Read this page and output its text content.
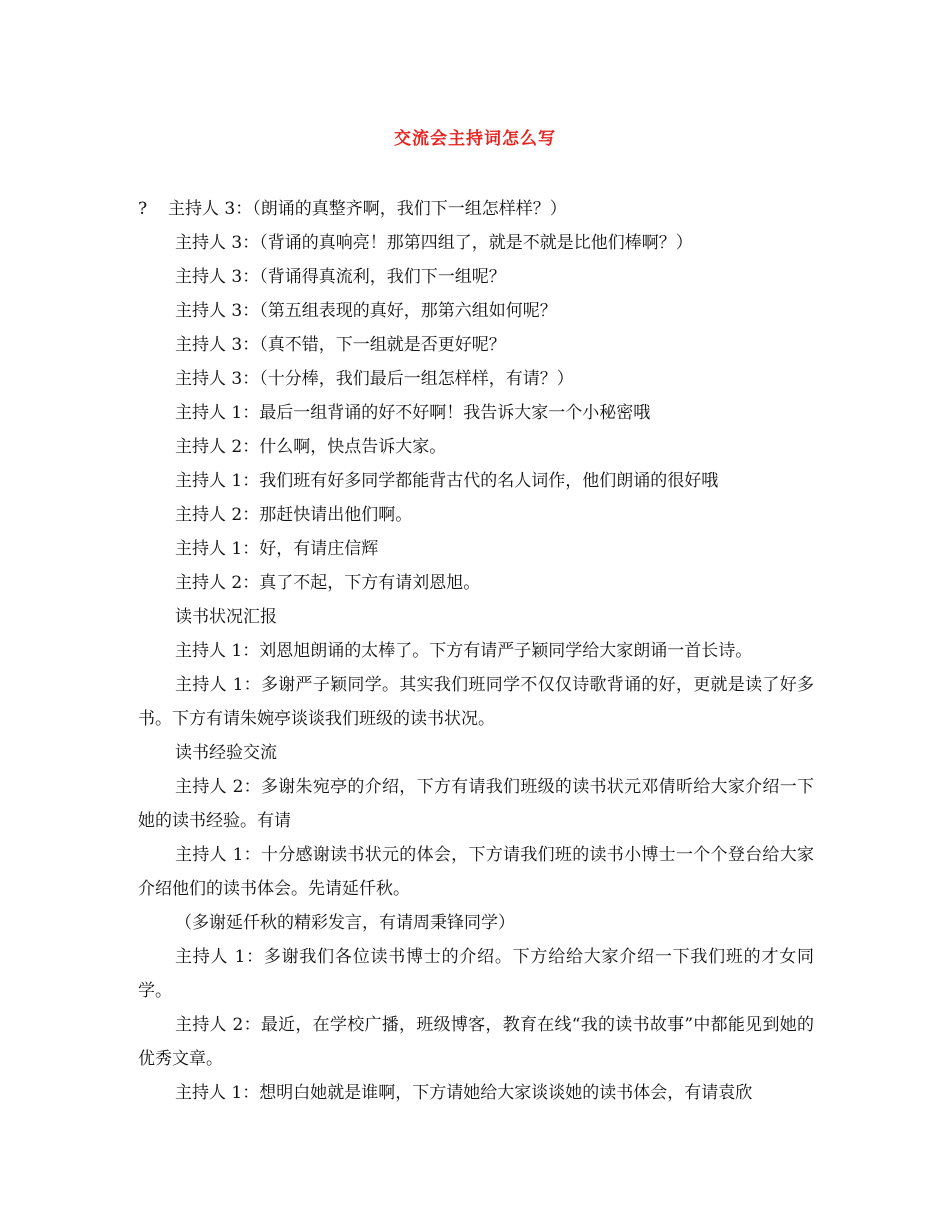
交流会主持词怎么写

? 主持人 3：（朗诵的真整齐啊，我们下一组怎样样？）

主持人 3：（背诵的真响亮！那第四组了，就是不就是比他们棒啊？）

主持人 3：（背诵得真流利，我们下一组呢？

主持人 3：（第五组表现的真好，那第六组如何呢？

主持人 3：（真不错，下一组就是否更好呢？

主持人 3：（十分棒，我们最后一组怎样样，有请？）

主持人 1：最后一组背诵的好不好啊！我告诉大家一个小秘密哦

主持人 2：什么啊，快点告诉大家。

主持人 1：我们班有好多同学都能背古代的名人词作，他们朗诵的很好哦

主持人 2：那赶快请出他们啊。

主持人 1：好，有请庄信辉

主持人 2：真了不起，下方有请刘恩旭。

读书状况汇报

主持人 1：刘恩旭朗诵的太棒了。下方有请严子颖同学给大家朗诵一首长诗。

主持人 1：多谢严子颖同学。其实我们班同学不仅仅诗歌背诵的好，更就是读了好多书。下方有请朱婉亭谈谈我们班级的读书状况。

读书经验交流

主持人 2：多谢朱宛亭的介绍，下方有请我们班级的读书状元邓倩昕给大家介绍一下她的读书经验。有请

主持人 1：十分感谢读书状元的体会，下方请我们班的读书小博士一个个登台给大家介绍他们的读书体会。先请延仟秋。

（多谢延仟秋的精彩发言，有请周秉锋同学）

主持人 1：多谢我们各位读书博士的介绍。下方给给大家介绍一下我们班的才女同学。

主持人 2：最近，在学校广播，班级博客，教育在线“我的读书故事”中都能见到她的优秀文章。

主持人 1：想明白她就是谁啊，下方请她给大家谈谈她的读书体会，有请袁欣
